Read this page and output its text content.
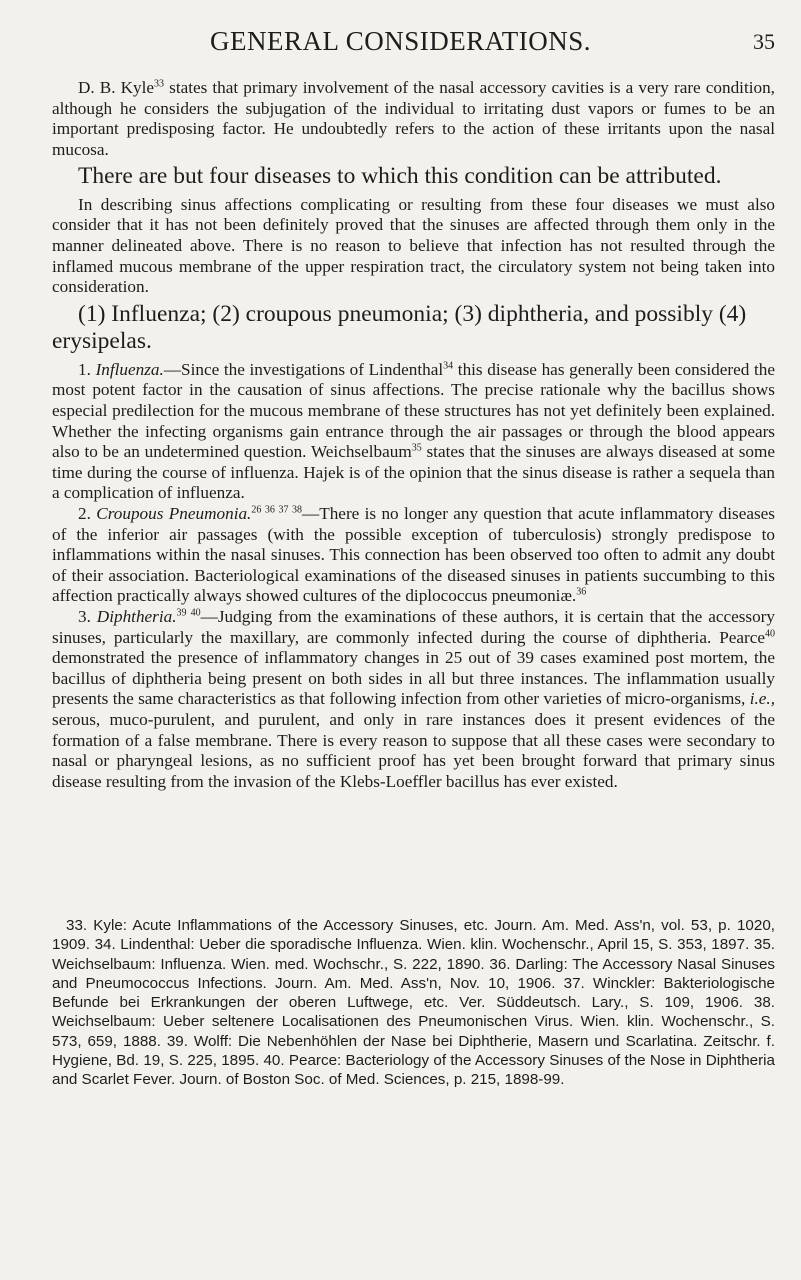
GENERAL CONSIDERATIONS.	35

D. B. Kyle$^{33}$ states that primary involvement of the nasal accessory cavities is a very rare condition, although he considers the subjugation of the individual to irritating dust vapors or fumes to be an important predisposing factor. He undoubtedly refers to the action of these irritants upon the nasal mucosa.

There are but four diseases to which this condition can be attributed.

In describing sinus affections complicating or resulting from these four diseases we must also consider that it has not been definitely proved that the sinuses are affected through them only in the manner delineated above. There is no reason to believe that infection has not resulted through the inflamed mucous membrane of the upper respiration tract, the circulatory system not being taken into consideration.

(1) Influenza; (2) croupous pneumonia; (3) diphtheria, and possibly (4) erysipelas.

1. Influenza.—Since the investigations of Lindenthal$^{34}$ this disease has generally been considered the most potent factor in the causation of sinus affections. The precise rationale why the bacillus shows especial predilection for the mucous membrane of these structures has not yet definitely been explained. Whether the infecting organisms gain entrance through the air passages or through the blood appears also to be an undetermined question. Weichselbaum$^{35}$ states that the sinuses are always diseased at some time during the course of influenza. Hajek is of the opinion that the sinus disease is rather a sequela than a complication of influenza.

2. Croupous Pneumonia.$^{26 36 37 38}$—There is no longer any question that acute inflammatory diseases of the inferior air passages (with the possible exception of tuberculosis) strongly predispose to inflammations within the nasal sinuses. This connection has been observed too often to admit any doubt of their association. Bacteriological examinations of the diseased sinuses in patients succumbing to this affection practically always showed cultures of the diplococcus pneumoniæ.$^{36}$

3. Diphtheria.$^{39 40}$—Judging from the examinations of these authors, it is certain that the accessory sinuses, particularly the maxillary, are commonly infected during the course of diphtheria. Pearce$^{40}$ demonstrated the presence of inflammatory changes in 25 out of 39 cases examined post mortem, the bacillus of diphtheria being present on both sides in all but three instances. The inflammation usually presents the same characteristics as that following infection from other varieties of micro-organisms, i.e., serous, muco-purulent, and purulent, and only in rare instances does it present evidences of the formation of a false membrane. There is every reason to suppose that all these cases were secondary to nasal or pharyngeal lesions, as no sufficient proof has yet been brought forward that primary sinus disease resulting from the invasion of the Klebs-Loeffler bacillus has ever existed.

33. Kyle: Acute Inflammations of the Accessory Sinuses, etc. Journ. Am. Med. Ass'n, vol. 53, p. 1020, 1909. 34. Lindenthal: Ueber die sporadische Influenza. Wien. klin. Wochenschr., April 15, S. 353, 1897. 35. Weichselbaum: Influenza. Wien. med. Wochschr., S. 222, 1890. 36. Darling: The Accessory Nasal Sinuses and Pneumococcus Infections. Journ. Am. Med. Ass'n, Nov. 10, 1906. 37. Winckler: Bakteriologische Befunde bei Erkrankungen der oberen Luftwege, etc. Ver. Süddeutsch. Lary., S. 109, 1906. 38. Weichselbaum: Ueber seltenere Localisationen des Pneumonischen Virus. Wien. klin. Wochenschr., S. 573, 659, 1888. 39. Wolff: Die Nebenhöhlen der Nase bei Diphtherie, Masern und Scarlatina. Zeitschr. f. Hygiene, Bd. 19, S. 225, 1895. 40. Pearce: Bacteriology of the Accessory Sinuses of the Nose in Diphtheria and Scarlet Fever. Journ. of Boston Soc. of Med. Sciences, p. 215, 1898-99.
